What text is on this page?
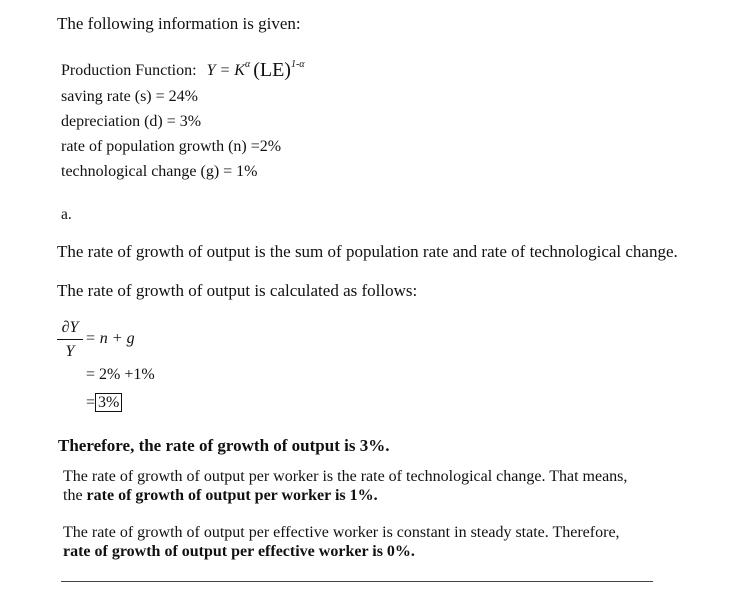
The following information is given:
Production Function: $Y = K^\alpha$ (LE)$^{1-\alpha}$
saving rate (s) = 24%
depreciation (d) = 3%
rate of population growth (n) =2%
technological change (g) = 1%
a.
The rate of growth of output is the sum of population rate and rate of technological change.
The rate of growth of output is calculated as follows:
∂Y
Y
= n + g
= 2% +1%
= 3%
Therefore, the rate of growth of output is 3%.
The rate of growth of output per worker is the rate of technological change. That means,
the rate of growth of output per worker is 1%.
The rate of growth of output per effective worker is constant in steady state. Therefore,
rate of growth of output per effective worker is 0%.
